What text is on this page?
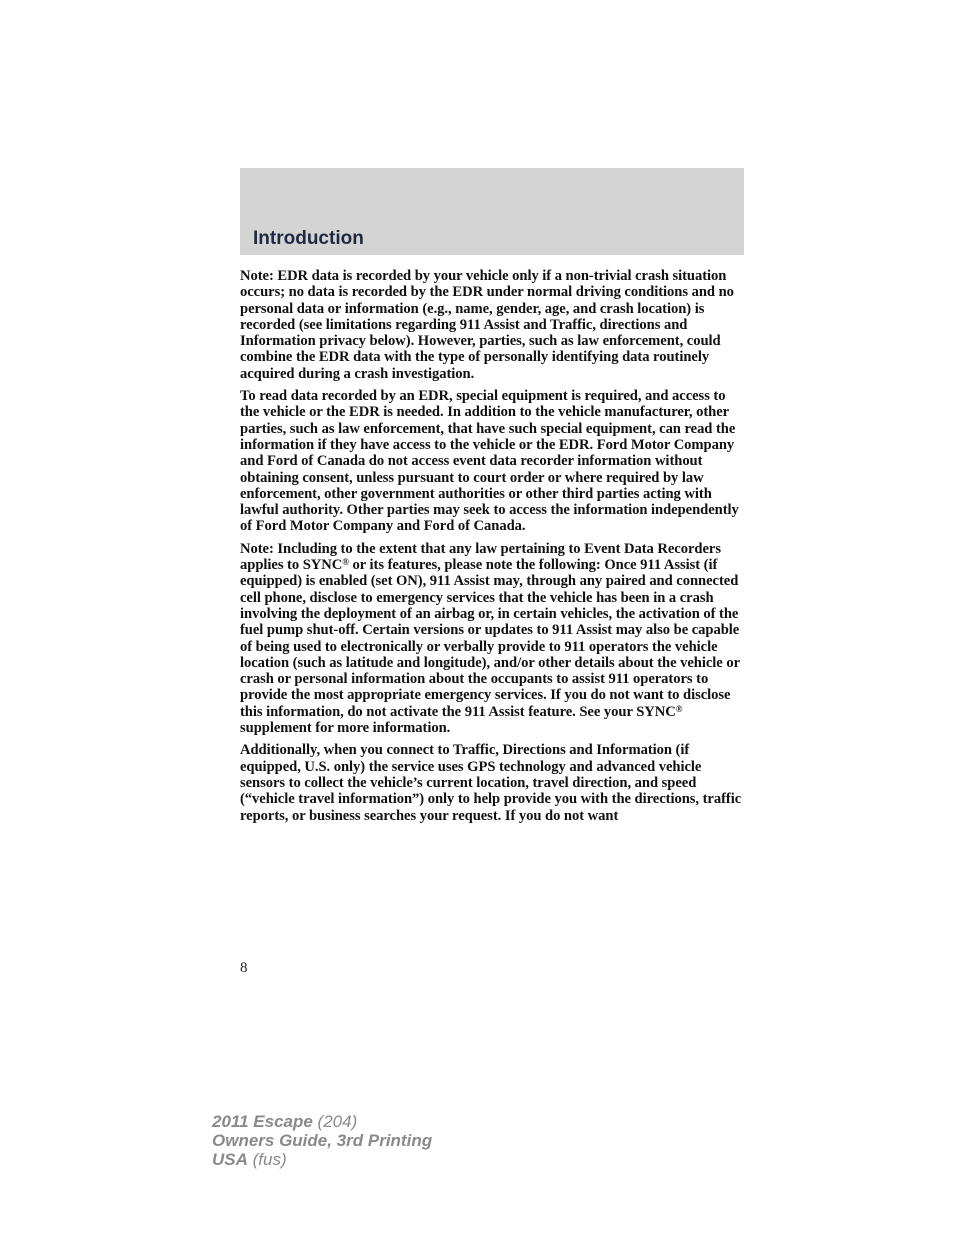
Introduction

Note: EDR data is recorded by your vehicle only if a non-trivial crash situation occurs; no data is recorded by the EDR under normal driving conditions and no personal data or information (e.g., name, gender, age, and crash location) is recorded (see limitations regarding 911 Assist and Traffic, directions and Information privacy below). However, parties, such as law enforcement, could combine the EDR data with the type of personally identifying data routinely acquired during a crash investigation.

To read data recorded by an EDR, special equipment is required, and access to the vehicle or the EDR is needed. In addition to the vehicle manufacturer, other parties, such as law enforcement, that have such special equipment, can read the information if they have access to the vehicle or the EDR. Ford Motor Company and Ford of Canada do not access event data recorder information without obtaining consent, unless pursuant to court order or where required by law enforcement, other government authorities or other third parties acting with lawful authority. Other parties may seek to access the information independently of Ford Motor Company and Ford of Canada.

Note: Including to the extent that any law pertaining to Event Data Recorders applies to SYNC® or its features, please note the following: Once 911 Assist (if equipped) is enabled (set ON), 911 Assist may, through any paired and connected cell phone, disclose to emergency services that the vehicle has been in a crash involving the deployment of an airbag or, in certain vehicles, the activation of the fuel pump shut-off. Certain versions or updates to 911 Assist may also be capable of being used to electronically or verbally provide to 911 operators the vehicle location (such as latitude and longitude), and/or other details about the vehicle or crash or personal information about the occupants to assist 911 operators to provide the most appropriate emergency services. If you do not want to disclose this information, do not activate the 911 Assist feature. See your SYNC® supplement for more information.

Additionally, when you connect to Traffic, Directions and Information (if equipped, U.S. only) the service uses GPS technology and advanced vehicle sensors to collect the vehicle’s current location, travel direction, and speed (“vehicle travel information”) only to help provide you with the directions, traffic reports, or business searches your request. If you do not want

8
2011 Escape (204)
Owners Guide, 3rd Printing
USA (fus)
